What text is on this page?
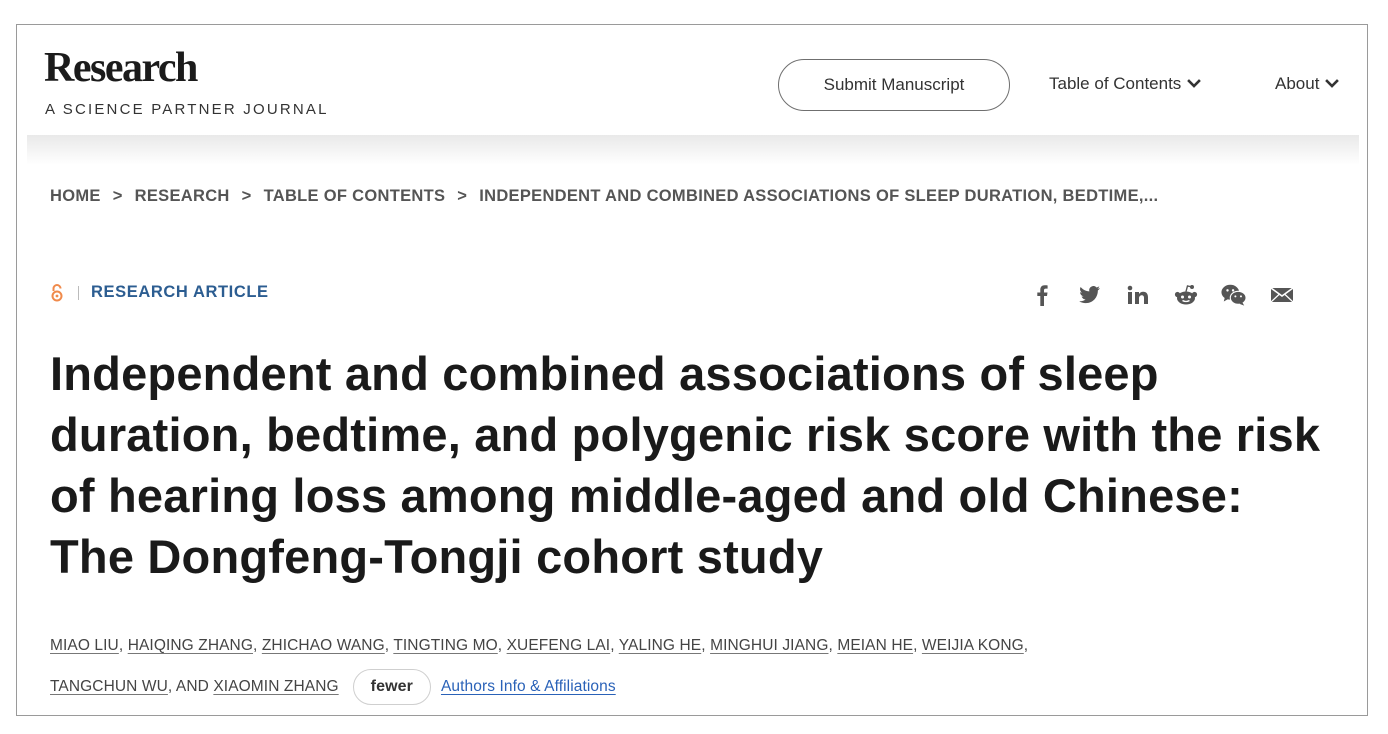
Research
A SCIENCE PARTNER JOURNAL
Submit Manuscript	Table of Contents	About
HOME > RESEARCH > TABLE OF CONTENTS > INDEPENDENT AND COMBINED ASSOCIATIONS OF SLEEP DURATION, BEDTIME,...
RESEARCH ARTICLE
Independent and combined associations of sleep duration, bedtime, and polygenic risk score with the risk of hearing loss among middle-aged and old Chinese: The Dongfeng-Tongji cohort study
MIAO LIU, HAIQING ZHANG, ZHICHAO WANG, TINGTING MO, XUEFENG LAI, YALING HE, MINGHUI JIANG, MEIAN HE, WEIJIA KONG,
TANGCHUN WU, AND XIAOMIN ZHANG fewer Authors Info & Affiliations
